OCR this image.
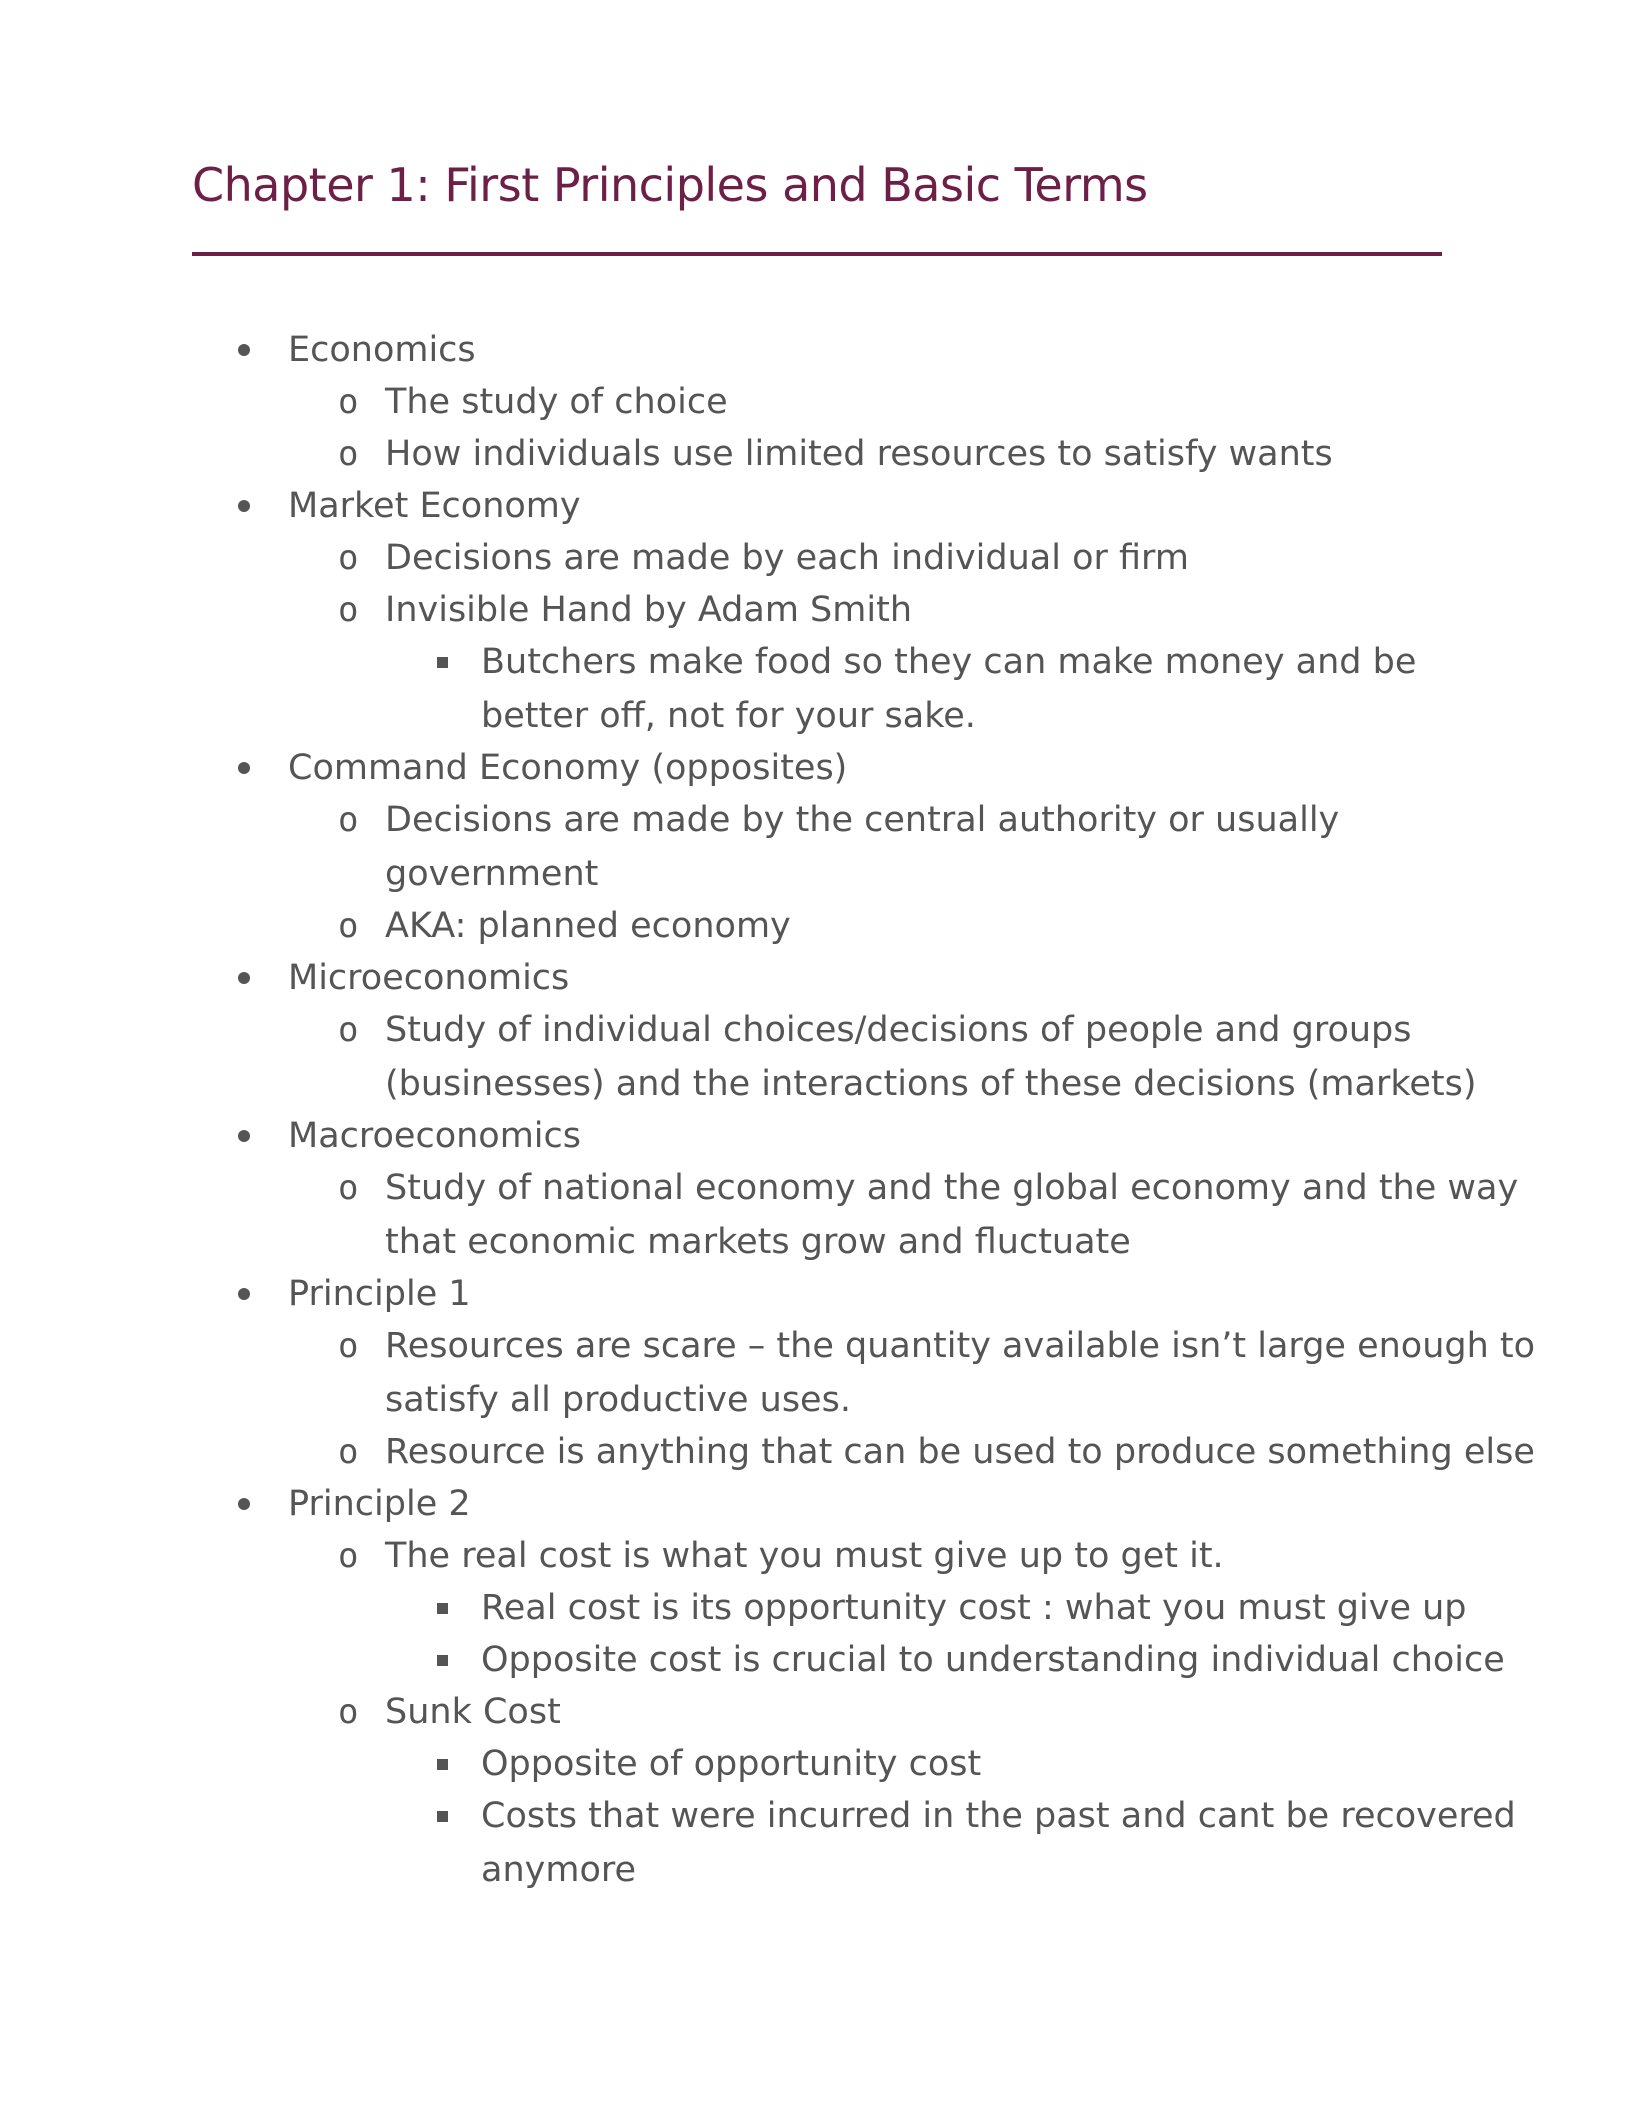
Chapter 1: First Principles and Basic Terms
Economics
o The study of choice
o How individuals use limited resources to satisfy wants
Market Economy
o Decisions are made by each individual or firm
o Invisible Hand by Adam Smith
Butchers make food so they can make money and be
better off, not for your sake.
Command Economy (opposites)
o Decisions are made by the central authority or usually
government
o AKA: planned economy
Microeconomics
o Study of individual choices/decisions of people and groups
(businesses) and the interactions of these decisions (markets)
Macroeconomics
o Study of national economy and the global economy and the way
that economic markets grow and fluctuate
Principle 1
o Resources are scare – the quantity available isn’t large enough to
satisfy all productive uses.
o Resource is anything that can be used to produce something else
Principle 2
o The real cost is what you must give up to get it.
Real cost is its opportunity cost : what you must give up
Opposite cost is crucial to understanding individual choice
o Sunk Cost
Opposite of opportunity cost
Costs that were incurred in the past and cant be recovered
anymore
